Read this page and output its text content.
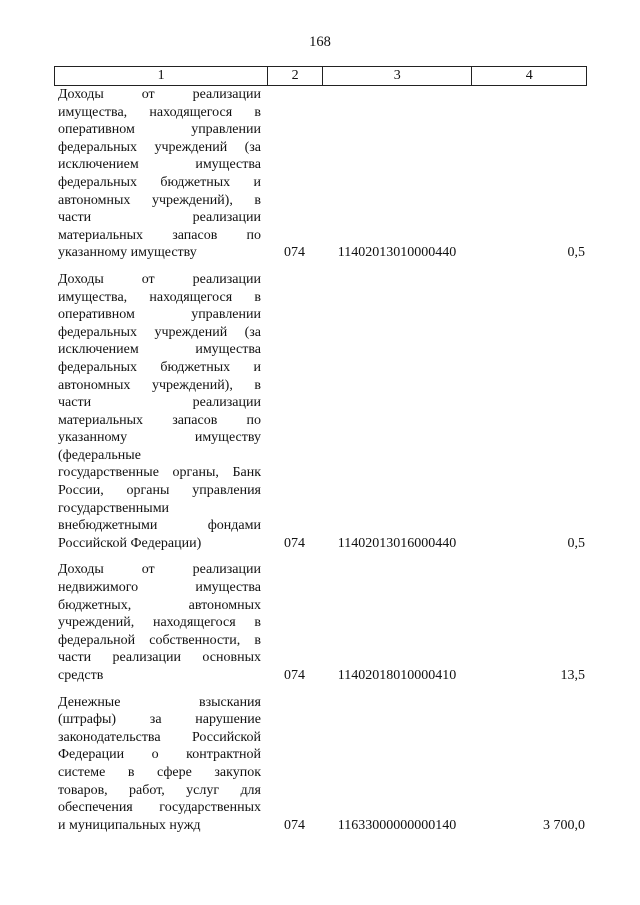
168
1	2	3	4
Доходы от реализации
имущества, находящегося в
оперативном управлении
федеральных учреждений (за
исключением имущества
федеральных бюджетных и
автономных учреждений), в
части реализации
материальных запасов по
указанному имуществу	074	11402013010000440	0,5
Доходы от реализации
имущества, находящегося в
оперативном управлении
федеральных учреждений (за
исключением имущества
федеральных бюджетных и
автономных учреждений), в
части реализации
материальных запасов по
указанному имуществу
(федеральные
государственные органы, Банк
России, органы управления
государственными
внебюджетными фондами
Российской Федерации)	074	11402013016000440	0,5
Доходы от реализации
недвижимого имущества
бюджетных, автономных
учреждений, находящегося в
федеральной собственности, в
части реализации основных
средств	074	11402018010000410	13,5
Денежные взыскания
(штрафы) за нарушение
законодательства Российской
Федерации о контрактной
системе в сфере закупок
товаров, работ, услуг для
обеспечения государственных
и муниципальных нужд	074	11633000000000140	3 700,0
